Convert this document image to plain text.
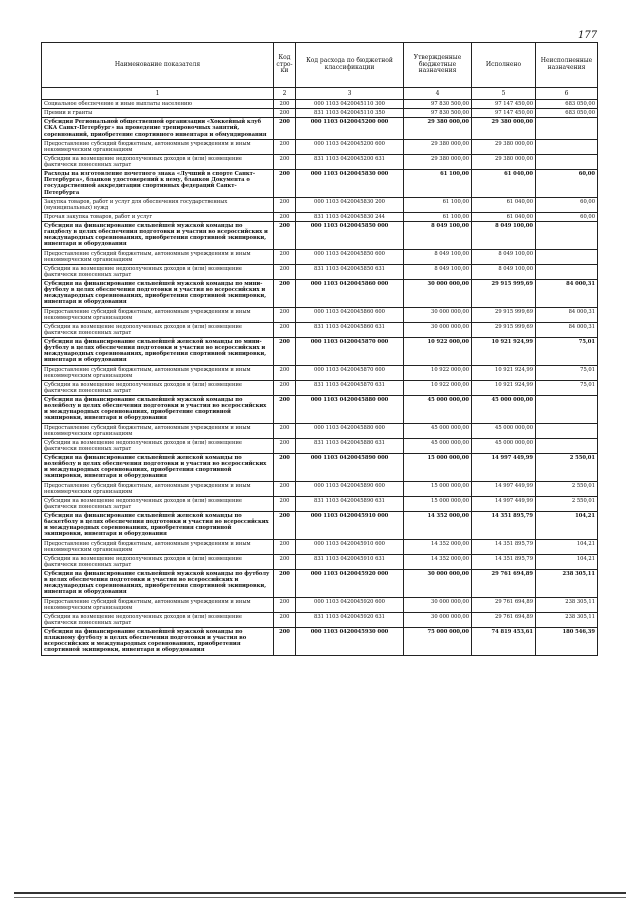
177
Наименование показателя	Код стро-ки	Код расхода по бюджетной классификации	Утвержденные бюджетные назначения	Исполнено	Неисполненные назначения
1	2	3	4	5	6
Социальное обеспечение и иные выплаты населению	200	000 1103 0420045110 300	97 830 500,00	97 147 450,00	683 050,00
Премии и гранты	200	831 1103 0420045110 350	97 830 500,00	97 147 450,00	683 050,00
Субсидия Региональной общественной организации «Хоккейный клуб СКА Санкт-Петербург» на проведение тренировочных занятий, соревнований, приобретение спортивного инвентаря и обмундирования	200	000 1103 0420045200 000	29 380 000,00	29 380 000,00	
Предоставление субсидий бюджетным, автономным учреждениям и иным некоммерческим организациям	200	000 1103 0420045200 600	29 380 000,00	29 380 000,00	
Субсидии на возмещение недополученных доходов и (или) возмещение фактически понесенных затрат	200	831 1103 0420045200 631	29 380 000,00	29 380 000,00	
Расходы на изготовление почетного знака «Лучший в спорте Санкт-Петербурга», бланков удостоверений к нему, бланков Документа о государственной аккредитации спортивных федераций Санкт-Петербурга	200	000 1103 0420045830 000	61 100,00	61 040,00	60,00
Закупка товаров, работ и услуг для обеспечения государственных (муниципальных) нужд	200	000 1103 0420045830 200	61 100,00	61 040,00	60,00
Прочая закупка товаров, работ и услуг	200	831 1103 0420045830 244	61 100,00	61 040,00	60,00
Субсидия на финансирование сильнейшей мужской команды по гандболу в целях обеспечения подготовки и участия во всероссийских и международных соревнованиях, приобретения спортивной экипировки, инвентаря и оборудования	200	000 1103 0420045850 000	8 049 100,00	8 049 100,00	
Предоставление субсидий бюджетным, автономным учреждениям и иным некоммерческим организациям	200	000 1103 0420045850 600	8 049 100,00	8 049 100,00	
Субсидии на возмещение недополученных доходов и (или) возмещение фактически понесенных затрат	200	831 1103 0420045850 631	8 049 100,00	8 049 100,00	
Субсидия на финансирование сильнейшей мужской команды по мини-футболу в целях обеспечения подготовки и участия во всероссийских и международных соревнованиях, приобретения спортивной экипировки, инвентаря и оборудования	200	000 1103 0420045860 000	30 000 000,00	29 915 999,69	84 000,31
Предоставление субсидий бюджетным, автономным учреждениям и иным некоммерческим организациям	200	000 1103 0420045860 600	30 000 000,00	29 915 999,69	84 000,31
Субсидии на возмещение недополученных доходов и (или) возмещение фактически понесенных затрат	200	831 1103 0420045860 631	30 000 000,00	29 915 999,69	84 000,31
Субсидия на финансирование сильнейшей женской команды по мини-футболу в целях обеспечения подготовки и участия во всероссийских и международных соревнованиях, приобретения спортивной экипировки, инвентаря и оборудования	200	000 1103 0420045870 000	10 922 000,00	10 921 924,99	75,01
Предоставление субсидий бюджетным, автономным учреждениям и иным некоммерческим организациям	200	000 1103 0420045870 600	10 922 000,00	10 921 924,99	75,01
Субсидии на возмещение недополученных доходов и (или) возмещение фактически понесенных затрат	200	831 1103 0420045870 631	10 922 000,00	10 921 924,99	75,01
Субсидия на финансирование сильнейшей мужской команды по волейболу в целях обеспечения подготовки и участия во всероссийских и международных соревнованиях, приобретение спортивной экипировки, инвентаря и оборудования	200	000 1103 0420045880 000	45 000 000,00	45 000 000,00	
Предоставление субсидий бюджетным, автономным учреждениям и иным некоммерческим организациям	200	000 1103 0420045880 600	45 000 000,00	45 000 000,00	
Субсидии на возмещение недополученных доходов и (или) возмещение фактически понесенных затрат	200	831 1103 0420045880 631	45 000 000,00	45 000 000,00	
Субсидия на финансирование сильнейшей женской команды по волейболу в целях обеспечения подготовки и участия во всероссийских и международных соревнованиях, приобретения спортивной экипировки, инвентаря и оборудования	200	000 1103 0420045890 000	15 000 000,00	14 997 449,99	2 550,01
Предоставление субсидий бюджетным, автономным учреждениям и иным некоммерческим организациям	200	000 1103 0420045890 600	15 000 000,00	14 997 449,99	2 550,01
Субсидии на возмещение недополученных доходов и (или) возмещение фактически понесенных затрат	200	831 1103 0420045890 631	15 000 000,00	14 997 449,99	2 550,01
Субсидия на финансирование сильнейшей женской команды по баскетболу в целях обеспечения подготовки и участия во всероссийских и международных соревнованиях, приобретения спортивной экипировки, инвентаря и оборудования	200	000 1103 0420045910 000	14 352 000,00	14 351 895,79	104,21
Предоставление субсидий бюджетным, автономным учреждениям и иным некоммерческим организациям	200	000 1103 0420045910 600	14 352 000,00	14 351 895,79	104,21
Субсидии на возмещение недополученных доходов и (или) возмещение фактически понесенных затрат	200	831 1103 0420045910 631	14 352 000,00	14 351 895,79	104,21
Субсидия на финансирование сильнейшей мужской команды по футболу в целях обеспечения подготовки и участия во всероссийских и международных соревнованиях, приобретения спортивной экипировки, инвентаря и оборудования	200	000 1103 0420045920 000	30 000 000,00	29 761 694,89	238 305,11
Предоставление субсидий бюджетным, автономным учреждениям и иным некоммерческим организациям	200	000 1103 0420045920 600	30 000 000,00	29 761 694,89	238 305,11
Субсидии на возмещение недополученных доходов и (или) возмещение фактически понесенных затрат	200	831 1103 0420045920 631	30 000 000,00	29 761 694,89	238 305,11
Субсидия на финансирование сильнейшей мужской команды по пляжному футболу в целях обеспечения подготовки и участия во всероссийских и международных соревнованиях, приобретения спортивной экипировки, инвентаря и оборудования	200	000 1103 0420045930 000	75 000 000,00	74 819 453,61	180 546,39
